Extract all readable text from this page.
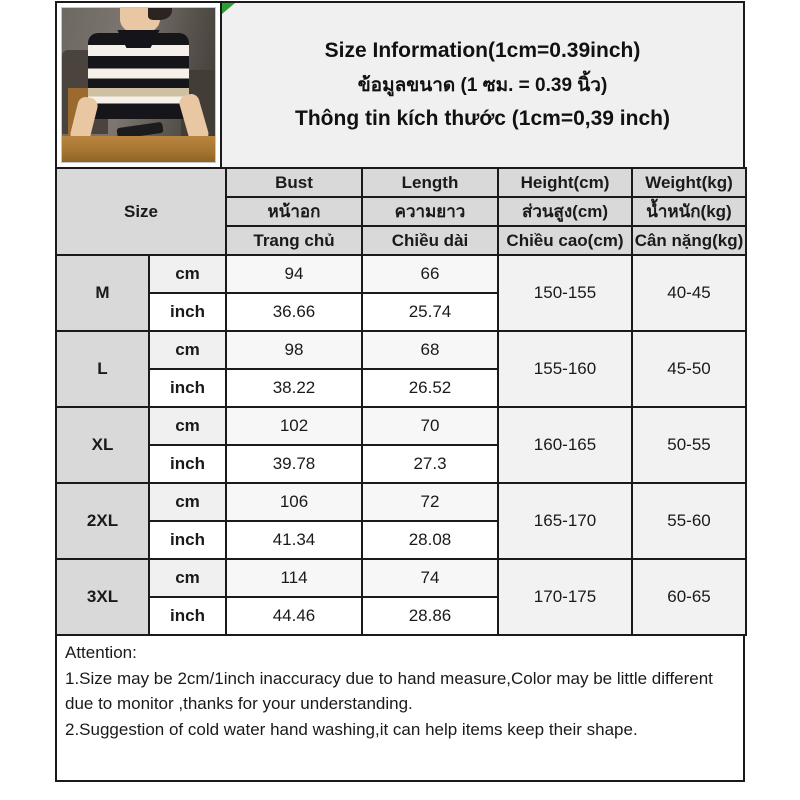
Size Information(1cm=0.39inch)
ข้อมูลขนาด (1 ซม. = 0.39 นิ้ว)
Thông tin kích thước (1cm=0,39 inch)
Size		Bust	Length	Height(cm)	Weight(kg)
		หน้าอก	ความยาว	ส่วนสูง(cm)	น้ำหนัก(kg)
		Trang chủ	Chiều dài	Chiều cao(cm)	Cân nặng(kg)
M	cm	94	66	150-155	40-45
	inch	36.66	25.74		
L	cm	98	68	155-160	45-50
	inch	38.22	26.52		
XL	cm	102	70	160-165	50-55
	inch	39.78	27.3		
2XL	cm	106	72	165-170	55-60
	inch	41.34	28.08		
3XL	cm	114	74	170-175	60-65
	inch	44.46	28.86		
Attention:
1.Size may be 2cm/1inch inaccuracy due to hand measure,Color may be little different due to monitor ,thanks for your understanding.
2.Suggestion of cold water hand washing,it can help items keep their shape.
